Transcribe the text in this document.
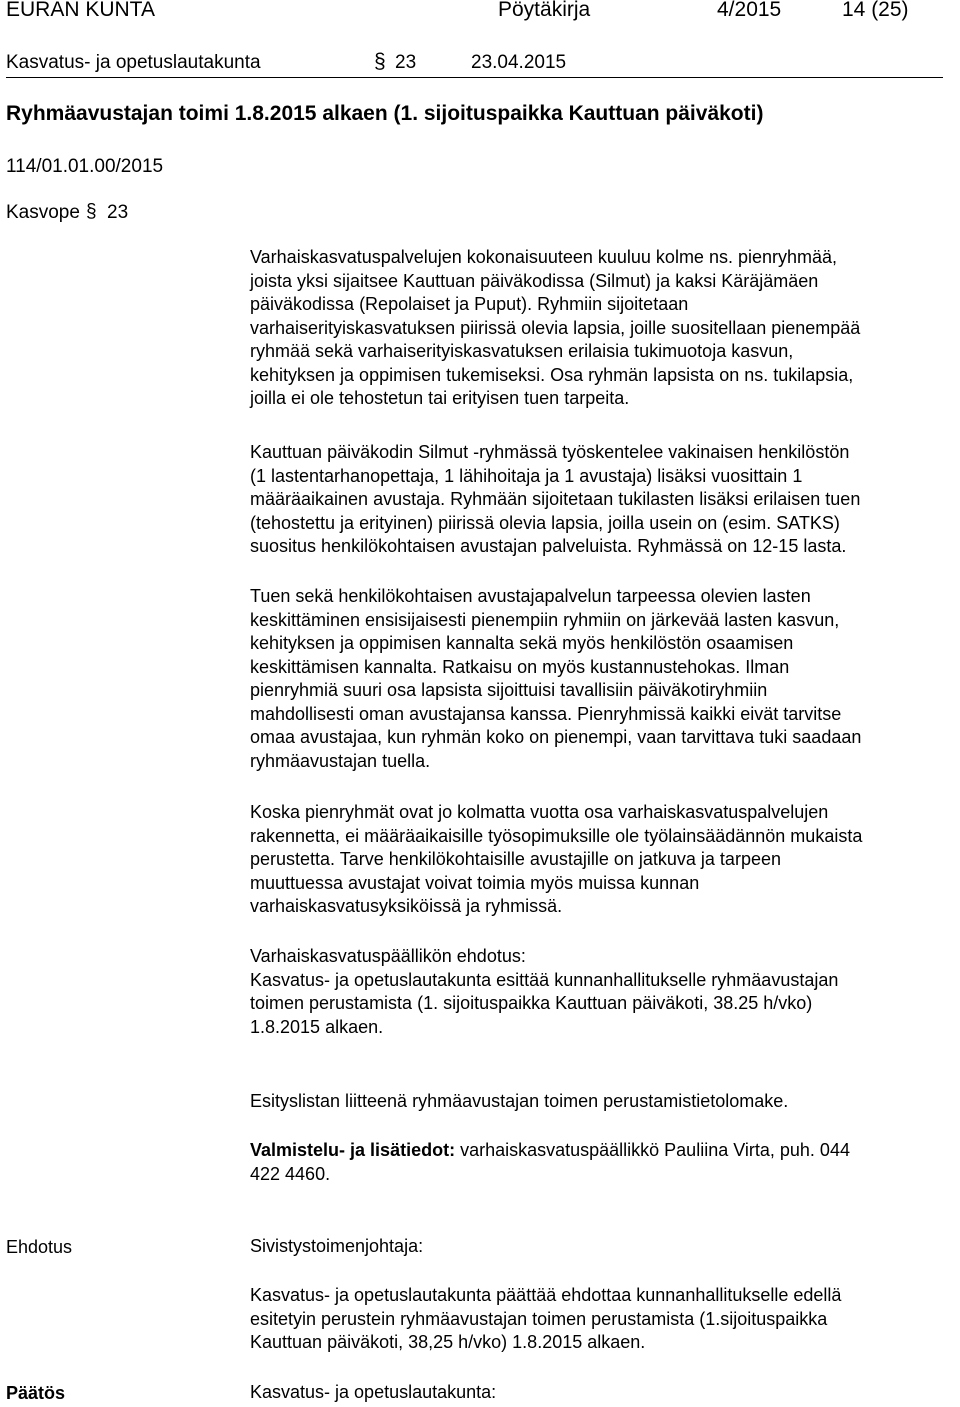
EURAN KUNTA	Pöytäkirja	4/2015	14 (25)
Kasvatus- ja opetuslautakunta	§ 23	23.04.2015
Ryhmäavustajan toimi 1.8.2015 alkaen (1. sijoituspaikka Kauttuan päiväkoti)
114/01.01.00/2015
Kasvope § 23

Varhaiskasvatuspalvelujen kokonaisuuteen kuuluu kolme ns. pienryhmää,
joista yksi sijaitsee Kauttuan päiväkodissa (Silmut) ja kaksi Käräjämäen
päiväkodissa (Repolaiset ja Puput). Ryhmiin sijoitetaan
varhaiserityiskasvatuksen piirissä olevia lapsia, joille suositellaan pienempää
ryhmää sekä varhaiserityiskasvatuksen erilaisia tukimuotoja kasvun,
kehityksen ja oppimisen tukemiseksi. Osa ryhmän lapsista on ns. tukilapsia,
joilla ei ole tehostetun tai erityisen tuen tarpeita.

Kauttuan päiväkodin Silmut -ryhmässä työskentelee vakinaisen henkilöstön
(1 lastentarhanopettaja, 1 lähihoitaja ja 1 avustaja) lisäksi vuosittain 1
määräaikainen avustaja. Ryhmään sijoitetaan tukilasten lisäksi erilaisen tuen
(tehostettu ja erityinen) piirissä olevia lapsia, joilla usein on (esim. SATKS)
suositus henkilökohtaisen avustajan palveluista. Ryhmässä on 12-15 lasta.

Tuen sekä henkilökohtaisen avustajapalvelun tarpeessa olevien lasten
keskittäminen ensisijaisesti pienempiin ryhmiin on järkevää lasten kasvun,
kehityksen ja oppimisen kannalta sekä myös henkilöstön osaamisen
keskittämisen kannalta. Ratkaisu on myös kustannustehokas. Ilman
pienryhmiä suuri osa lapsista sijoittuisi tavallisiin päiväkotiryhmiin
mahdollisesti oman avustajansa kanssa. Pienryhmissä kaikki eivät tarvitse
omaa avustajaa, kun ryhmän koko on pienempi, vaan tarvittava tuki saadaan
ryhmäavustajan tuella.

Koska pienryhmät ovat jo kolmatta vuotta osa varhaiskasvatuspalvelujen
rakennetta, ei määräaikaisille työsopimuksille ole työlainsäädännön mukaista
perustetta. Tarve henkilökohtaisille avustajille on jatkuva ja tarpeen
muuttuessa avustajat voivat toimia myös muissa kunnan
varhaiskasvatusyksiköissä ja ryhmissä.

Varhaiskasvatuspäällikön ehdotus:

Kasvatus- ja opetuslautakunta esittää kunnanhallitukselle ryhmäavustajan
toimen perustamista (1. sijoituspaikka Kauttuan päiväkoti, 38.25 h/vko)
1.8.2015 alkaen.

Esityslistan liitteenä ryhmäavustajan toimen perustamistietolomake.

Valmistelu- ja lisätiedot: varhaiskasvatuspäällikkö Pauliina Virta, puh. 044
422 4460.

Ehdotus	Sivistystoimenjohtaja:

Kasvatus- ja opetuslautakunta päättää ehdottaa kunnanhallitukselle edellä
esitetyin perustein ryhmäavustajan toimen perustamista (1.sijoituspaikka
Kauttuan päiväkoti, 38,25 h/vko) 1.8.2015 alkaen.

Päätös	Kasvatus- ja opetuslautakunta:
